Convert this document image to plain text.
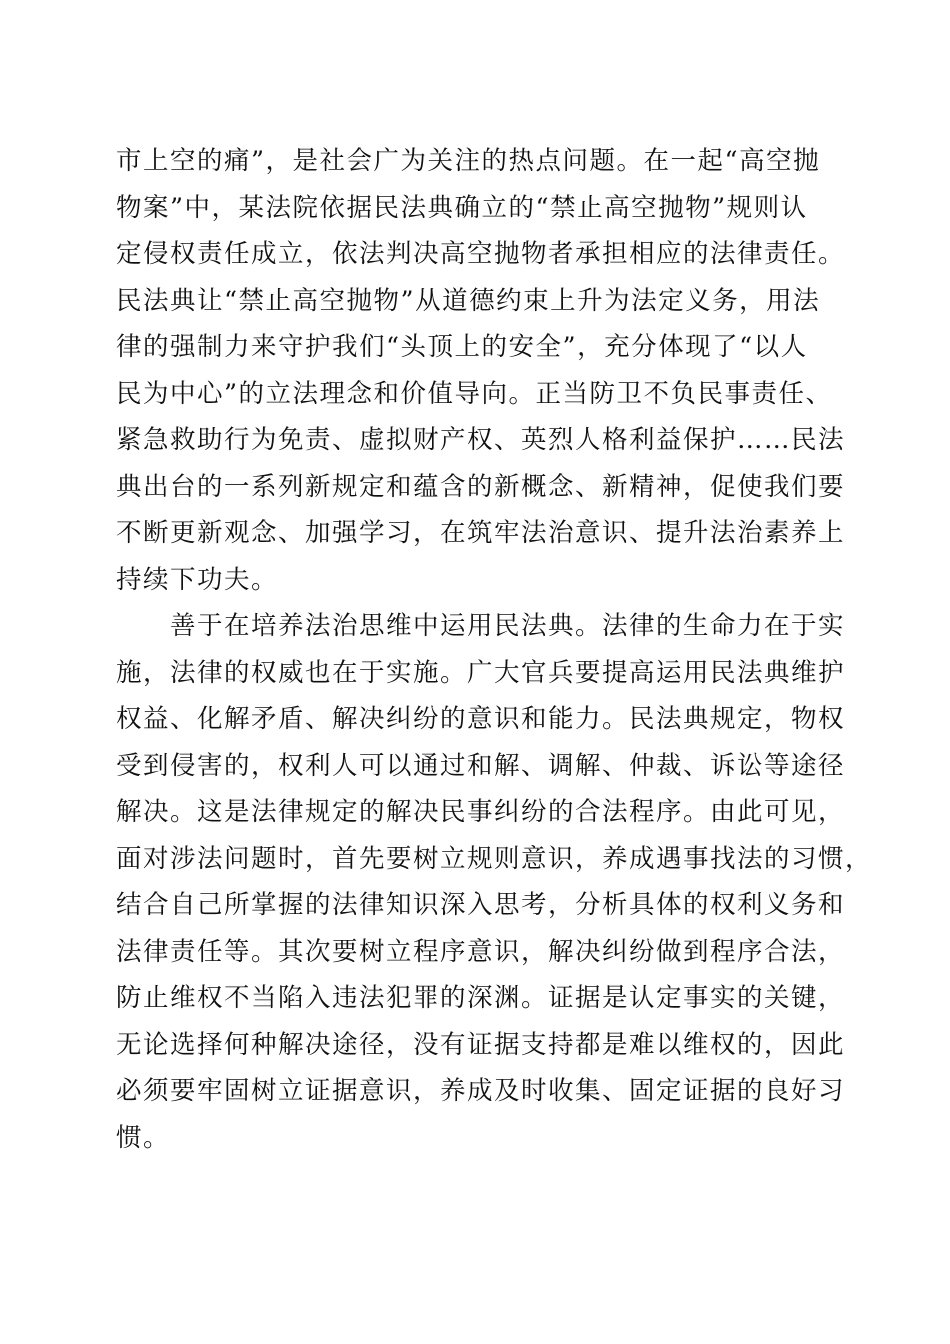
市上空的痛”，是社会广为关注的热点问题。在一起“高空抛
物案”中，某法院依据民法典确立的“禁止高空抛物”规则认
定侵权责任成立，依法判决高空抛物者承担相应的法律责任。
民法典让“禁止高空抛物”从道德约束上升为法定义务，用法
律的强制力来守护我们“头顶上的安全”，充分体现了“以人
民为中心”的立法理念和价值导向。正当防卫不负民事责任、
紧急救助行为免责、虚拟财产权、英烈人格利益保护……民法
典出台的一系列新规定和蕴含的新概念、新精神，促使我们要
不断更新观念、加强学习，在筑牢法治意识、提升法治素养上
持续下功夫。
　　善于在培养法治思维中运用民法典。法律的生命力在于实
施，法律的权威也在于实施。广大官兵要提高运用民法典维护
权益、化解矛盾、解决纠纷的意识和能力。民法典规定，物权
受到侵害的，权利人可以通过和解、调解、仲裁、诉讼等途径
解决。这是法律规定的解决民事纠纷的合法程序。由此可见，
面对涉法问题时，首先要树立规则意识，养成遇事找法的习惯，
结合自己所掌握的法律知识深入思考，分析具体的权利义务和
法律责任等。其次要树立程序意识，解决纠纷做到程序合法，
防止维权不当陷入违法犯罪的深渊。证据是认定事实的关键，
无论选择何种解决途径，没有证据支持都是难以维权的，因此
必须要牢固树立证据意识，养成及时收集、固定证据的良好习
惯。
